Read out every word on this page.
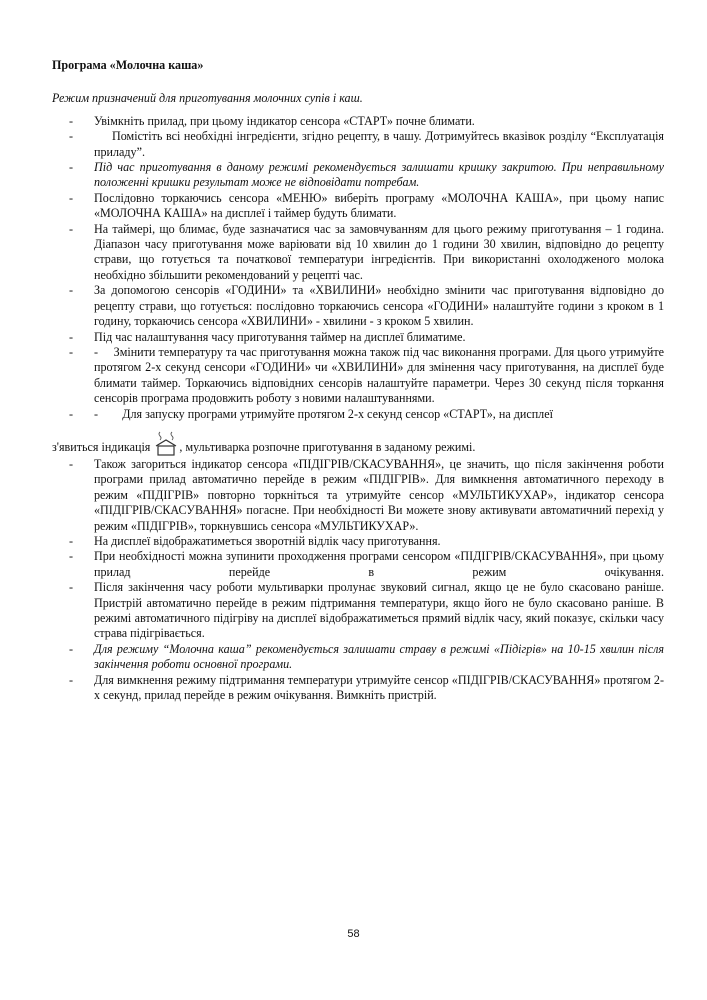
Програма «Молочна каша»

Режим призначений для приготування молочних супів і каш.

- Увімкніть прилад, при цьому індикатор сенсора «СТАРТ» почне блимати.
- Помістіть всі необхідні інгредієнти, згідно рецепту, в чашу. Дотримуйтесь вказівок розділу “Експлуатація приладу”.
- Під час приготування в даному режимі рекомендується залишати кришку закритою. При неправильному положенні кришки результат може не відповідати потребам.
- Послідовно торкаючись сенсора «МЕНЮ» виберіть програму «МОЛОЧНА КАША», при цьому напис «МОЛОЧНА КАША» на дисплеї і таймер будуть блимати.
- На таймері, що блимає, буде зазначатися час за замовчуванням для цього режиму приготування – 1 година. Діапазон часу приготування може варіювати від 10 хвилин до 1 години 30 хвилин, відповідно до рецепту страви, що готується та початкової температури інгредієнтів. При використанні охолодженого молока необхідно збільшити рекомендований у рецепті час.
- За допомогою сенсорів «ГОДИНИ» та «ХВИЛИНИ» необхідно змінити час приготування відповідно до рецепту страви, що готується: послідовно торкаючись сенсора «ГОДИНИ» налаштуйте години з кроком в 1 годину, торкаючись сенсора «ХВИЛИНИ» - хвилини - з кроком 5 хвилин.
- Під час налаштування часу приготування таймер на дисплеї блиматиме.
- -     Змінити температуру та час приготування можна також під час виконання програми. Для цього утримуйте протягом 2-х секунд сенсори «ГОДИНИ» чи «ХВИЛИНИ» для змінення часу приготування, на дисплеї буде блимати таймер. Торкаючись відповідних сенсорів налаштуйте параметри. Через 30 секунд після торкання сенсорів програма продовжить роботу з новими налаштуваннями.
- -        Для запуску програми утримуйте протягом 2-х секунд сенсор «СТАРТ», на дисплеї
з'явиться індикація , мультиварка розпочне приготування в заданому режимі.
- Також загориться індикатор сенсора «ПІДІГРІВ/СКАСУВАННЯ», це значить, що після закінчення роботи програми прилад автоматично перейде в режим «ПІДІГРІВ». Для вимкнення автоматичного переходу в режим «ПІДІГРІВ» повторно торкніться та утримуйте сенсор «МУЛЬТИКУХАР», індикатор сенсора «ПІДІГРІВ/СКАСУВАННЯ» погасне. При необхідності Ви можете знову активувати автоматичний перехід у режим «ПІДІГРІВ», торкнувшись сенсора «МУЛЬТИКУХАР».
- На дисплеї відображатиметься зворотній відлік часу приготування.
- При необхідності можна зупинити проходження програми сенсором «ПІДІГРІВ/СКАСУВАННЯ», при цьому прилад перейде в режим очікування.
- Після закінчення часу роботи мультиварки пролунає звуковий сигнал, якщо це не було скасовано раніше. Пристрій автоматично перейде в режим підтримання температури, якщо його не було скасовано раніше. В режимі автоматичного підігріву на дисплеї відображатиметься прямий відлік часу, який показує, скільки часу страва підігрівається.
- Для режиму “Молочна каша” рекомендується залишати страву в режимі «Підігрів» на 10-15 хвилин після закінчення роботи основної програми.
- Для вимкнення режиму підтримання температури утримуйте сенсор «ПІДІГРІВ/СКАСУВАННЯ» протягом 2-х секунд, прилад перейде в режим очікування. Вимкніть пристрій.
58
